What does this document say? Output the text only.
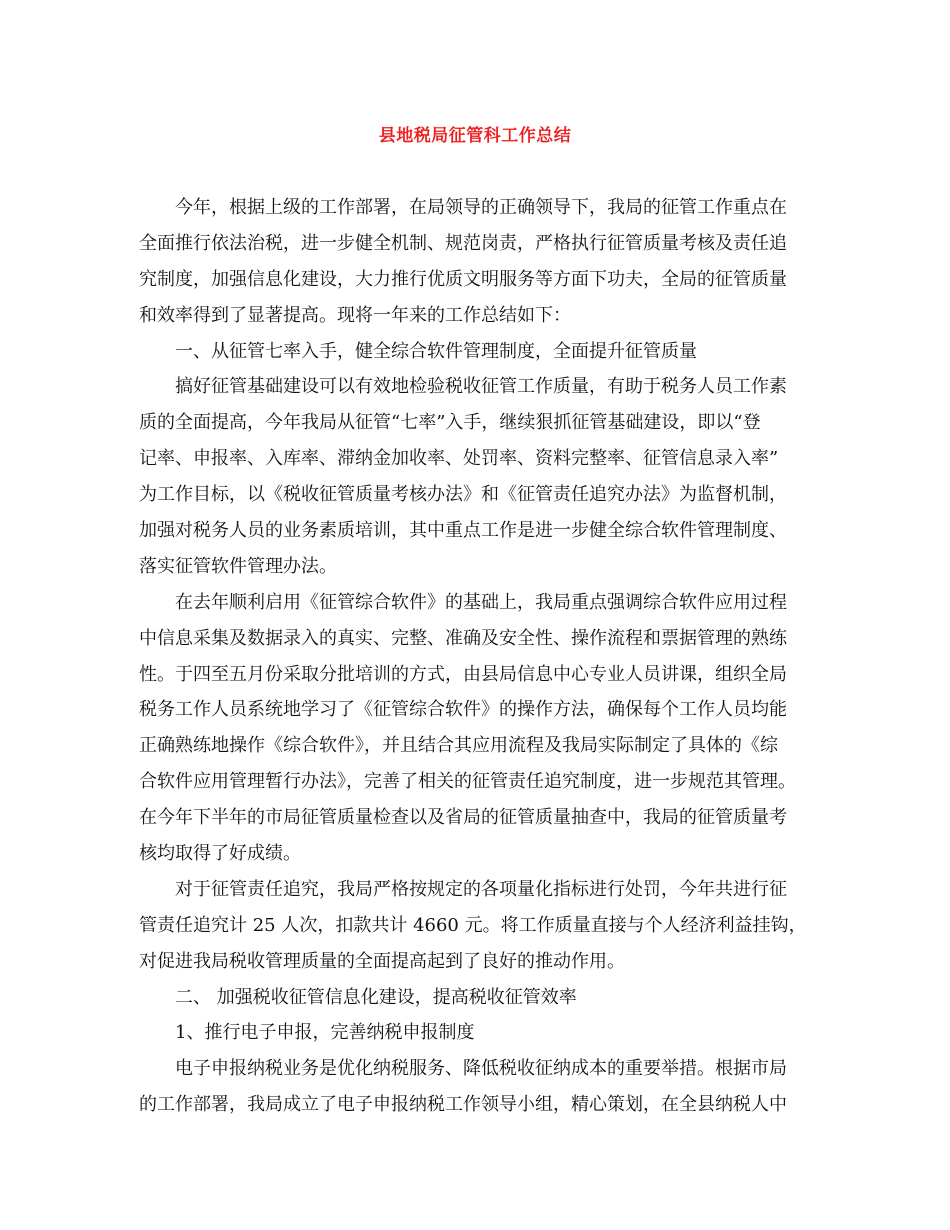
县地税局征管科工作总结
今年，根据上级的工作部署，在局领导的正确领导下，我局的征管工作重点在
全面推行依法治税，进一步健全机制、规范岗责，严格执行征管质量考核及责任追
究制度，加强信息化建设，大力推行优质文明服务等方面下功夫，全局的征管质量
和效率得到了显著提高。现将一年来的工作总结如下：
一、从征管七率入手，健全综合软件管理制度，全面提升征管质量
搞好征管基础建设可以有效地检验税收征管工作质量，有助于税务人员工作素
质的全面提高，今年我局从征管“七率”入手，继续狠抓征管基础建设，即以“登
记率、申报率、入库率、滞纳金加收率、处罚率、资料完整率、征管信息录入率”
为工作目标，以《税收征管质量考核办法》和《征管责任追究办法》为监督机制，
加强对税务人员的业务素质培训，其中重点工作是进一步健全综合软件管理制度、
落实征管软件管理办法。
在去年顺利启用《征管综合软件》的基础上，我局重点强调综合软件应用过程
中信息采集及数据录入的真实、完整、准确及安全性、操作流程和票据管理的熟练
性。于四至五月份采取分批培训的方式，由县局信息中心专业人员讲课，组织全局
税务工作人员系统地学习了《征管综合软件》的操作方法，确保每个工作人员均能
正确熟练地操作《综合软件》，并且结合其应用流程及我局实际制定了具体的《综
合软件应用管理暂行办法》，完善了相关的征管责任追究制度，进一步规范其管理。
在今年下半年的市局征管质量检查以及省局的征管质量抽查中，我局的征管质量考
核均取得了好成绩。
对于征管责任追究，我局严格按规定的各项量化指标进行处罚，今年共进行征
管责任追究计 25 人次，扣款共计 4660 元。将工作质量直接与个人经济利益挂钩，
对促进我局税收管理质量的全面提高起到了良好的推动作用。
二、 加强税收征管信息化建设，提高税收征管效率
1、推行电子申报，完善纳税申报制度
电子申报纳税业务是优化纳税服务、降低税收征纳成本的重要举措。根据市局
的工作部署，我局成立了电子申报纳税工作领导小组，精心策划，在全县纳税人中
